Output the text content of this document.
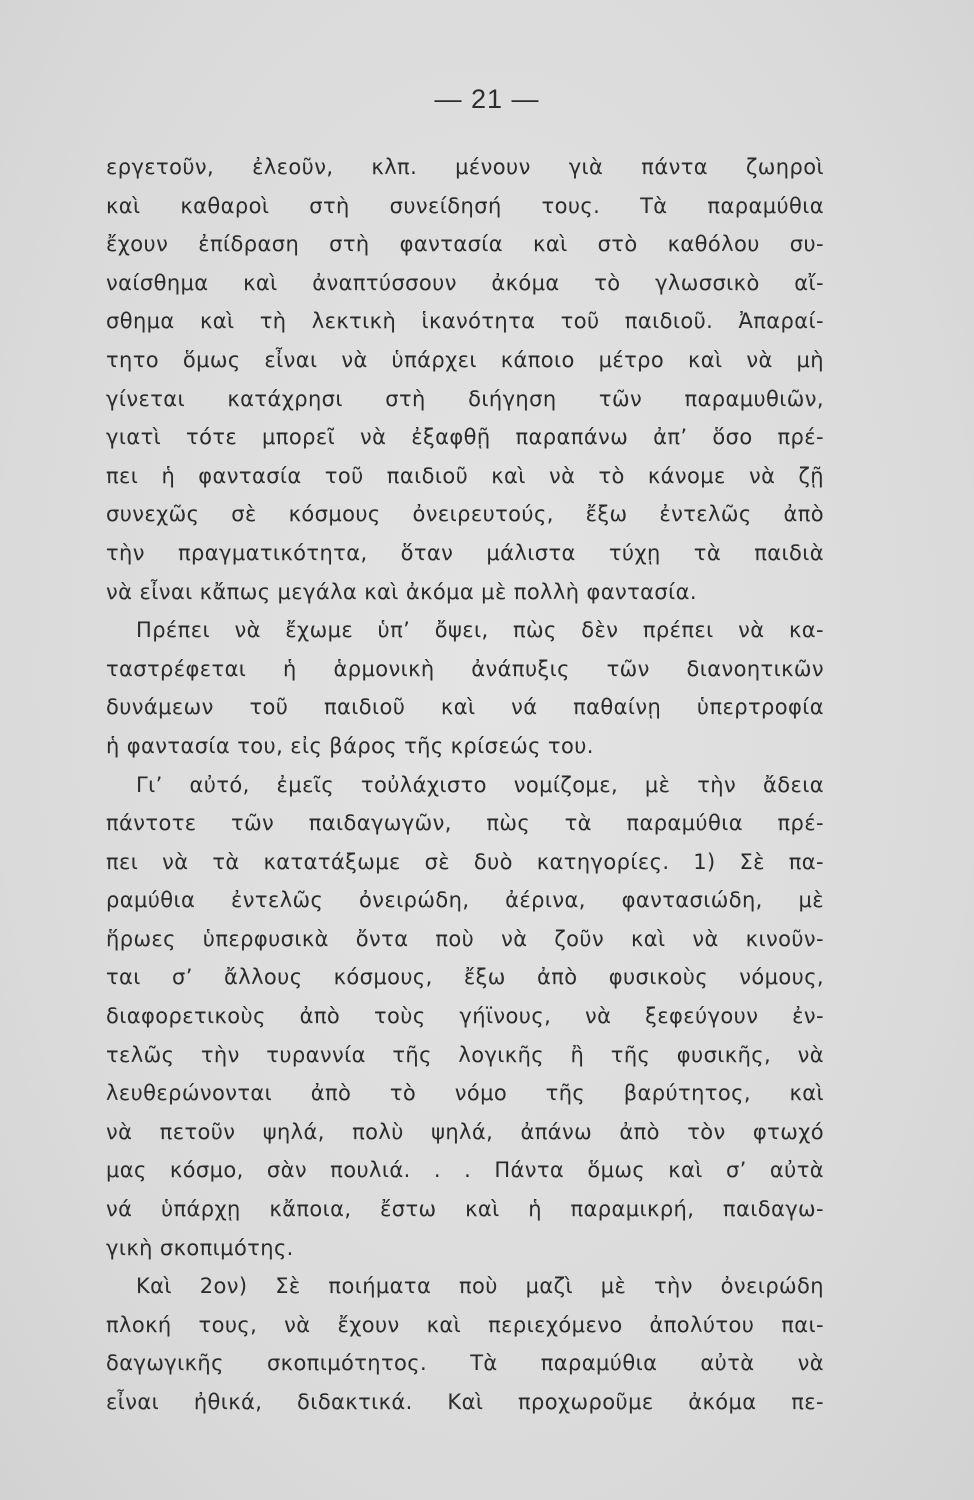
— 21 —
εργετοῦν, ἐλεοῦν, κλπ. μένουν γιὰ πάντα ζωηροὶ
καὶ καθαροὶ στὴ συνείδησή τους. Τὰ παραμύθια
ἔχουν ἐπίδραση στὴ φαντασία καὶ στὸ καθόλου συ-
ναίσθημα καὶ ἀναπτύσσουν ἀκόμα τὸ γλωσσικὸ αἴ-
σθημα καὶ τὴ λεκτικὴ ἱκανότητα τοῦ παιδιοῦ. Ἀπαραί-
τητο ὅμως εἶναι νὰ ὑπάρχει κάποιο μέτρο καὶ νὰ μὴ
γίνεται κατάχρησι στὴ διήγηση τῶν παραμυθιῶν,
γιατὶ τότε μπορεῖ νὰ ἐξαφθῇ παραπάνω ἀπ’ ὅσο πρέ-
πει ἡ φαντασία τοῦ παιδιοῦ καὶ νὰ τὸ κάνομε νὰ ζῇ
συνεχῶς σὲ κόσμους ὀνειρευτούς, ἔξω ἐντελῶς ἀπὸ
τὴν πραγματικότητα, ὅταν μάλιστα τύχῃ τὰ παιδιὰ
νὰ εἶναι κἄπως μεγάλα καὶ ἀκόμα μὲ πολλὴ φαντασία.
Πρέπει νὰ ἔχωμε ὑπ’ ὄψει, πὼς δὲν πρέπει νὰ κα-
ταστρέφεται ἡ ἁρμονικὴ ἀνάπυξις τῶν διανοητικῶν
δυνάμεων τοῦ παιδιοῦ καὶ νά παθαίνῃ ὑπερτροφία
ἡ φαντασία του, εἰς βάρος τῆς κρίσεώς του.
Γι’ αὐτό, ἐμεῖς τοὐλάχιστο νομίζομε, μὲ τὴν ἄδεια
πάντοτε τῶν παιδαγωγῶν, πὼς τὰ παραμύθια πρέ-
πει νὰ τὰ κατατάξωμε σὲ δυὸ κατηγορίες. 1) Σὲ πα-
ραμύθια ἐντελῶς ὀνειρώδη, ἀέρινα, φαντασιώδη, μὲ
ἥρωες ὑπερφυσικὰ ὄντα ποὺ νὰ ζοῦν καὶ νὰ κινοῦν-
ται σ’ ἄλλους κόσμους, ἔξω ἀπὸ φυσικοὺς νόμους,
διαφορετικοὺς ἀπὸ τοὺς γήϊνους, νὰ ξεφεύγουν ἐν-
τελῶς τὴν τυραννία τῆς λογικῆς ἢ τῆς φυσικῆς, νὰ
λευθερώνονται ἀπὸ τὸ νόμο τῆς βαρύτητος, καὶ
νὰ πετοῦν ψηλά, πολὺ ψηλά, ἀπάνω ἀπὸ τὸν φτωχό
μας κόσμο, σὰν πουλιά. . . Πάντα ὅμως καὶ σ’ αὐτὰ
νά ὑπάρχῃ κἄποια, ἔστω καὶ ἡ παραμικρή, παιδαγω-
γικὴ σκοπιμότης.
Καὶ 2ον) Σὲ ποιήματα ποὺ μαζὶ μὲ τὴν ὀνειρώδη
πλοκή τους, νὰ ἔχουν καὶ περιεχόμενο ἀπολύτου παι-
δαγωγικῆς σκοπιμότητος. Τὰ παραμύθια αὐτὰ νὰ
εἶναι ἠθικά, διδακτικά. Καὶ προχωροῦμε ἀκόμα πε-
